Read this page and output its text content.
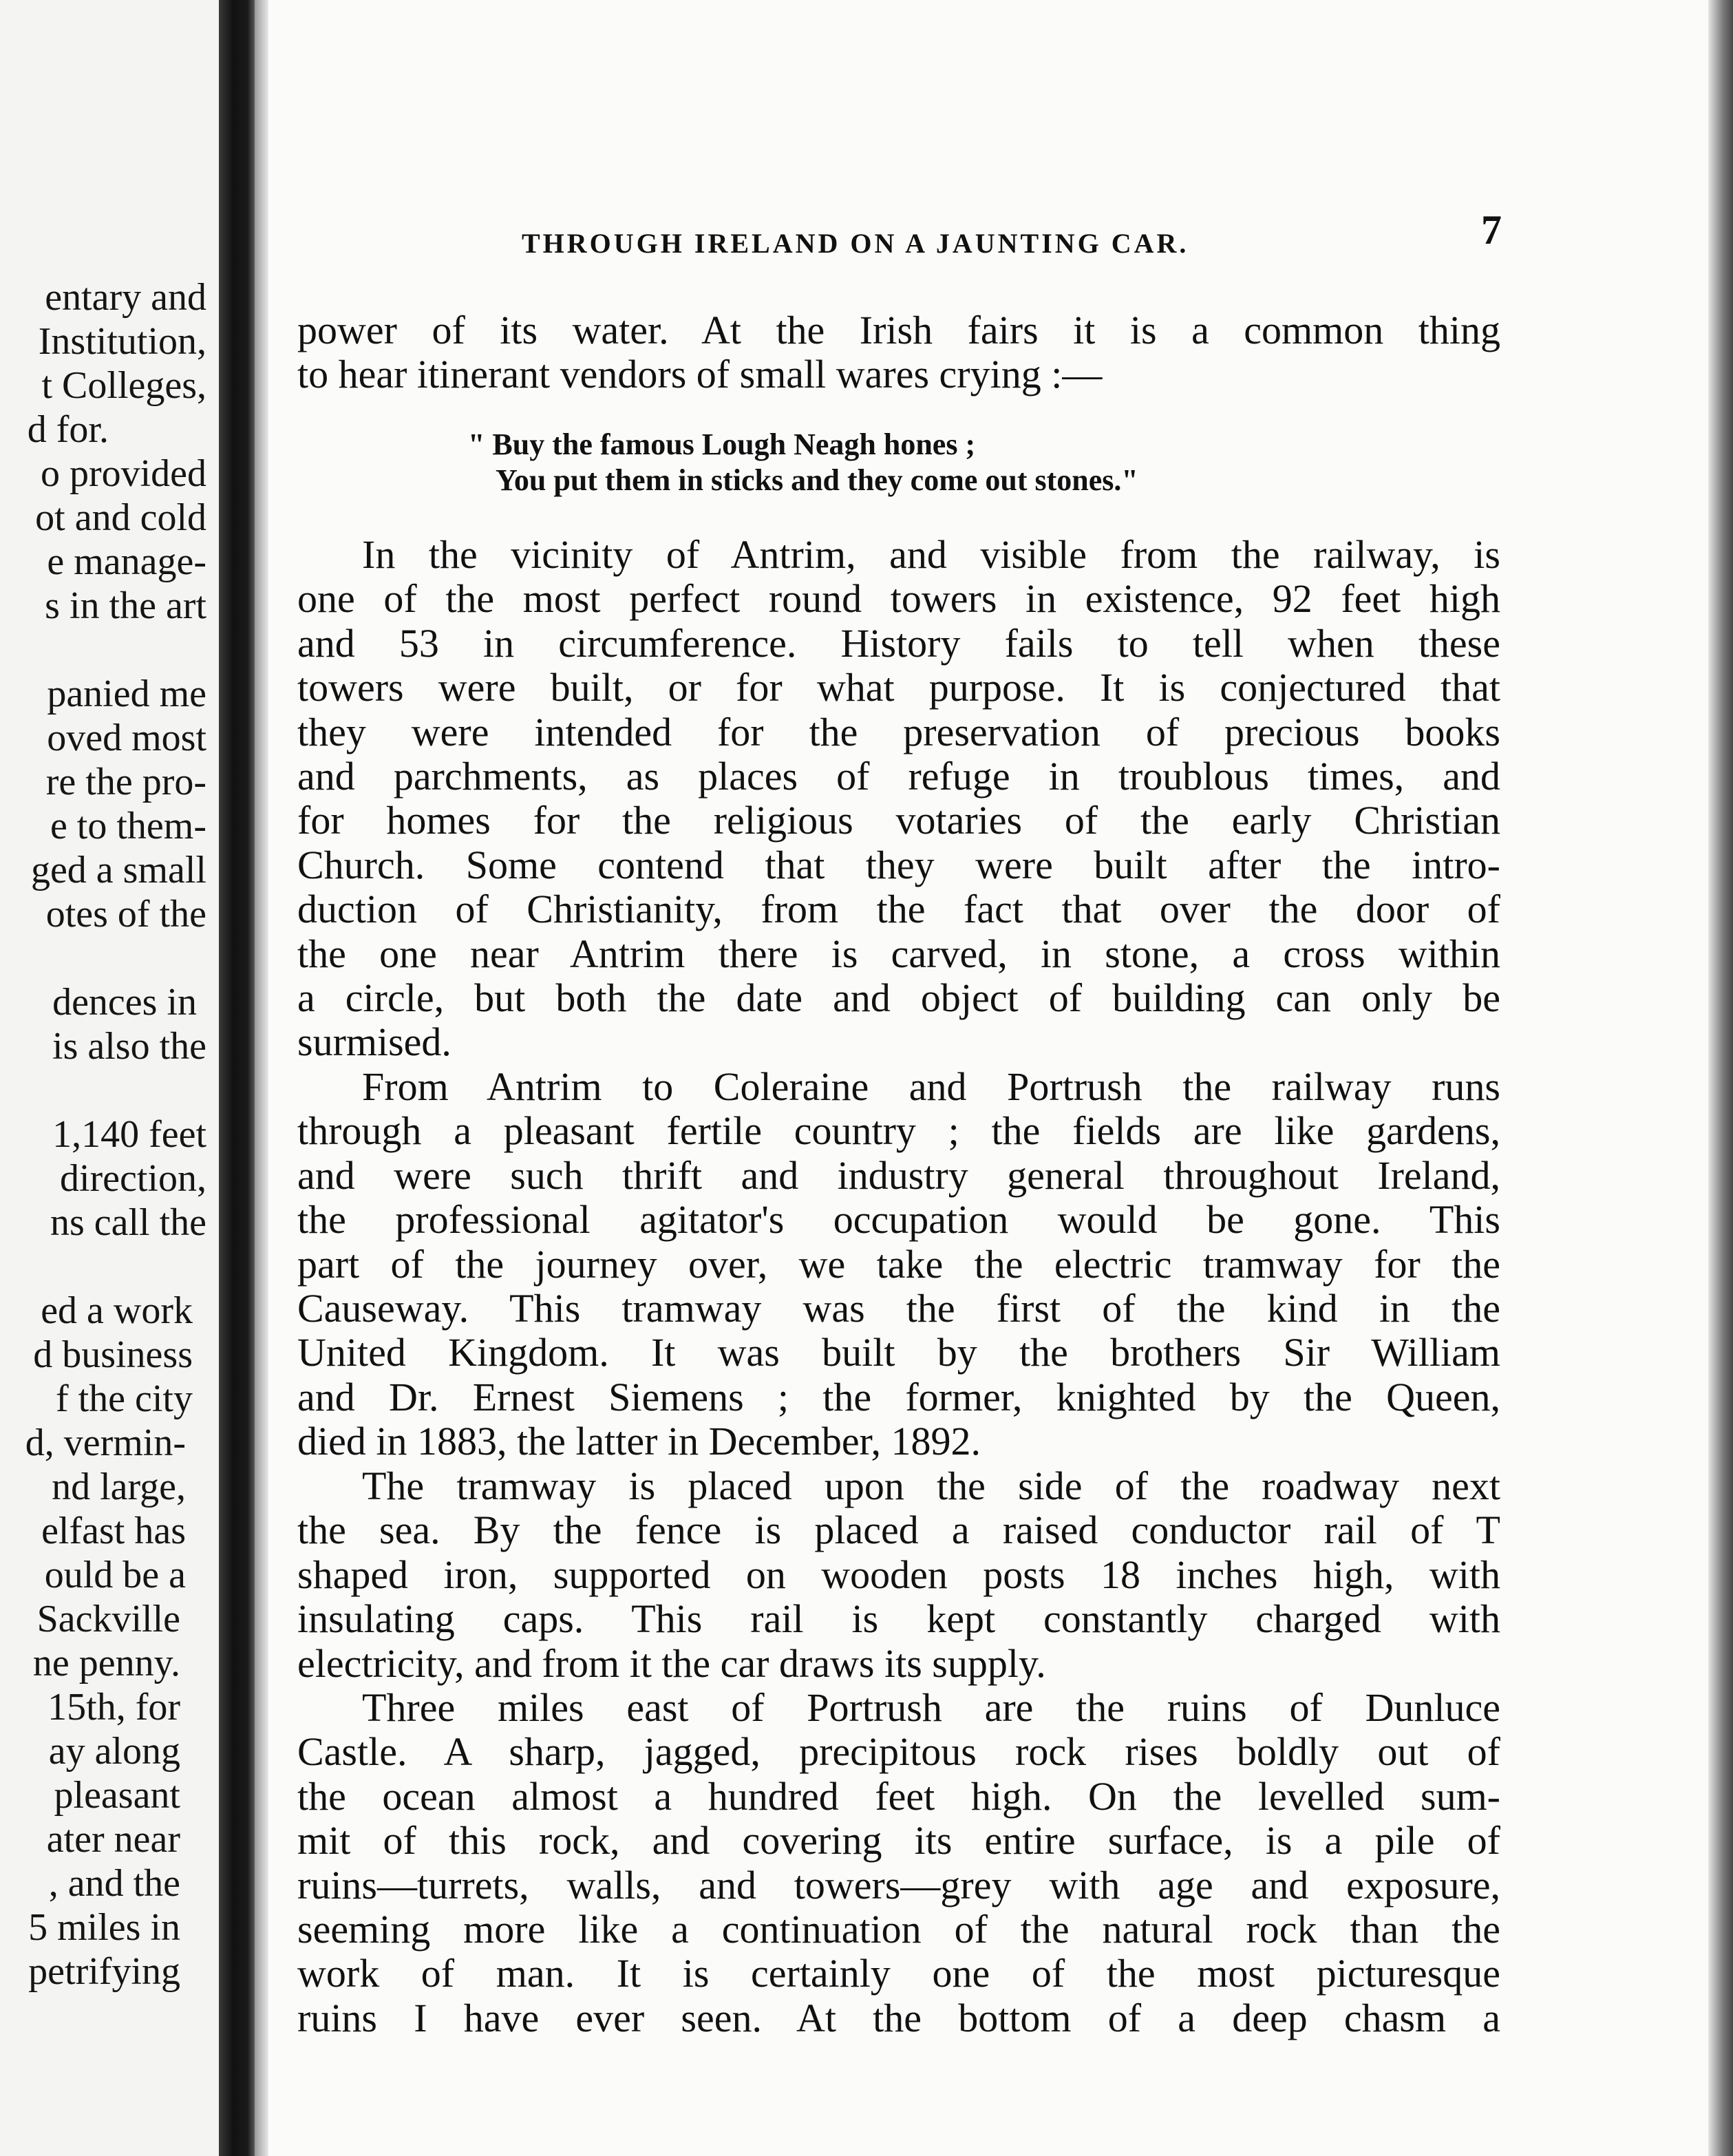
entary and
Institution,
t Colleges,
d for.
o provided
ot and cold
e manage-
s in the art
panied me
oved most
re the pro-
e to them-
ged a small
otes of the
dences in
is also the
1,140 feet
direction,
ns call the
ed a work
d business
f the city
d, vermin-
nd large,
elfast has
ould be a
Sackville
ne penny.
15th, for
ay along
pleasant
ater near
, and the
5 miles in
petrifying
THROUGH IRELAND ON A JAUNTING CAR.	7
power of its water. At the Irish fairs it is a common thing
to hear itinerant vendors of small wares crying :—
" Buy the famous Lough Neagh hones ;
You put them in sticks and they come out stones."
In the vicinity of Antrim, and visible from the railway, is
one of the most perfect round towers in existence, 92 feet high
and 53 in circumference. History fails to tell when these
towers were built, or for what purpose. It is conjectured that
they were intended for the preservation of precious books
and parchments, as places of refuge in troublous times, and
for homes for the religious votaries of the early Christian
Church. Some contend that they were built after the intro-
duction of Christianity, from the fact that over the door of
the one near Antrim there is carved, in stone, a cross within
a circle, but both the date and object of building can only be
surmised.
From Antrim to Coleraine and Portrush the railway runs
through a pleasant fertile country ; the fields are like gardens,
and were such thrift and industry general throughout Ireland,
the professional agitator's occupation would be gone. This
part of the journey over, we take the electric tramway for the
Causeway. This tramway was the first of the kind in the
United Kingdom. It was built by the brothers Sir William
and Dr. Ernest Siemens ; the former, knighted by the Queen,
died in 1883, the latter in December, 1892.
The tramway is placed upon the side of the roadway next
the sea. By the fence is placed a raised conductor rail of T
shaped iron, supported on wooden posts 18 inches high, with
insulating caps. This rail is kept constantly charged with
electricity, and from it the car draws its supply.
Three miles east of Portrush are the ruins of Dunluce
Castle. A sharp, jagged, precipitous rock rises boldly out of
the ocean almost a hundred feet high. On the levelled sum-
mit of this rock, and covering its entire surface, is a pile of
ruins—turrets, walls, and towers—grey with age and exposure,
seeming more like a continuation of the natural rock than the
work of man. It is certainly one of the most picturesque
ruins I have ever seen. At the bottom of a deep chasm a
